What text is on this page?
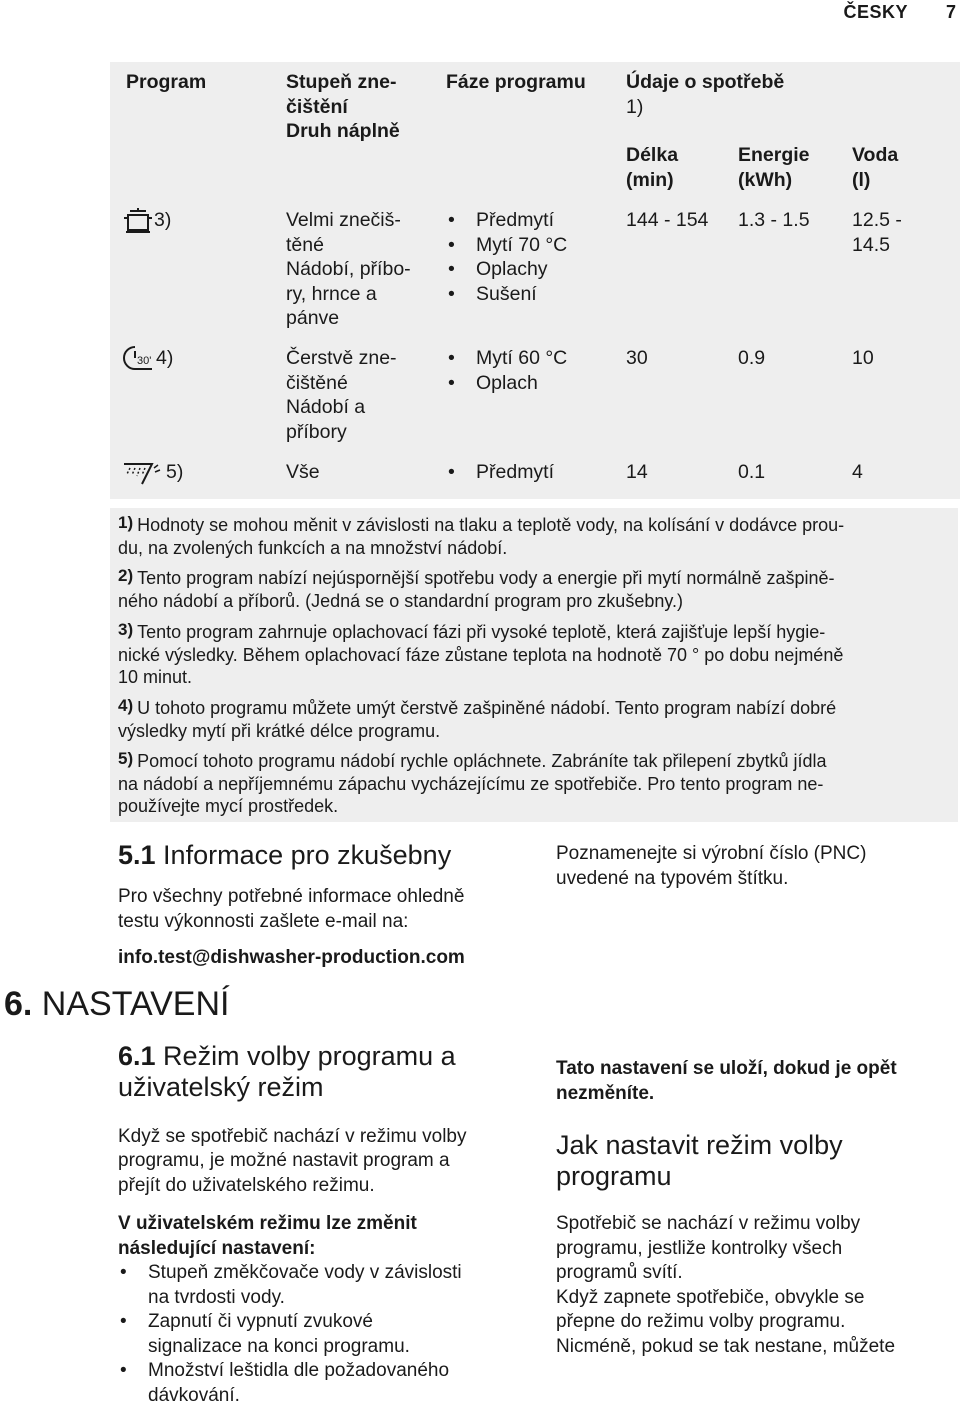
ČESKY 7
Program	Stupeň zne-
čištění
Druh náplně
Fáze programu Údaje o spotřebě
1)
Délka
(min)
Energie
(kWh)
Voda
(l)
3)	Velmi znečiš-
těné
Nádobí, příbo-
ry, hrnce a
pánve
• Předmytí
• Mytí 70 °C
• Oplachy
• Sušení
144 - 154 1.3 - 1.5 12.5 -
14.5
30' 4)	Čerstvě zne-
čištěné
Nádobí a
příbory
• Mytí 60 °C
• Oplach
30	0.9	10
5)	Vše
•	Předmytí	14	0.1	4
1) Hodnoty se mohou měnit v závislosti na tlaku a teplotě vody, na kolísání v dodávce prou-
du, na zvolených funkcích a na množství nádobí.
2) Tento program nabízí nejúspornější spotřebu vody a energie při mytí normálně zašpině-
ného nádobí a příborů. (Jedná se o standardní program pro zkušebny.)
3) Tento program zahrnuje oplachovací fázi při vysoké teplotě, která zajišťuje lepší hygie-
nické výsledky. Během oplachovací fáze zůstane teplota na hodnotě 70 ° po dobu nejméně
10 minut.
4) U tohoto programu můžete umýt čerstvě zašpiněné nádobí. Tento program nabízí dobré
výsledky mytí při krátké délce programu.
5) Pomocí tohoto programu nádobí rychle opláchnete. Zabráníte tak přilepení zbytků jídla
na nádobí a nepříjemnému zápachu vycházejícímu ze spotřebiče. Pro tento program ne-
používejte mycí prostředek.
5.1 Informace pro zkušebny

Pro všechny potřebné informace ohledně
testu výkonnosti zašlete e-mail na:

info.test@dishwasher-production.com

6.1 Režim volby programu a
uživatelský režim

Když se spotřebič nachází v režimu volby
programu, je možné nastavit program a
přejít do uživatelského režimu.

V uživatelském režimu lze změnit
následující nastavení:

• Stupeň změkčovače vody v závislosti
na tvrdosti vody.
• Zapnutí či vypnutí zvukové
signalizace na konci programu.
• Množství leštidla dle požadovaného
dávkování.
6. NASTAVENÍ

Poznamenejte si výrobní číslo (PNC)
uvedené na typovém štítku.

Tato nastavení se uloží, dokud je opět
nezměníte.

Jak nastavit režim volby
programu

Spotřebič se nachází v režimu volby
programu, jestliže kontrolky všech
programů svítí.
Když zapnete spotřebiče, obvykle se
přepne do režimu volby programu.
Nicméně, pokud se tak nestane, můžete
